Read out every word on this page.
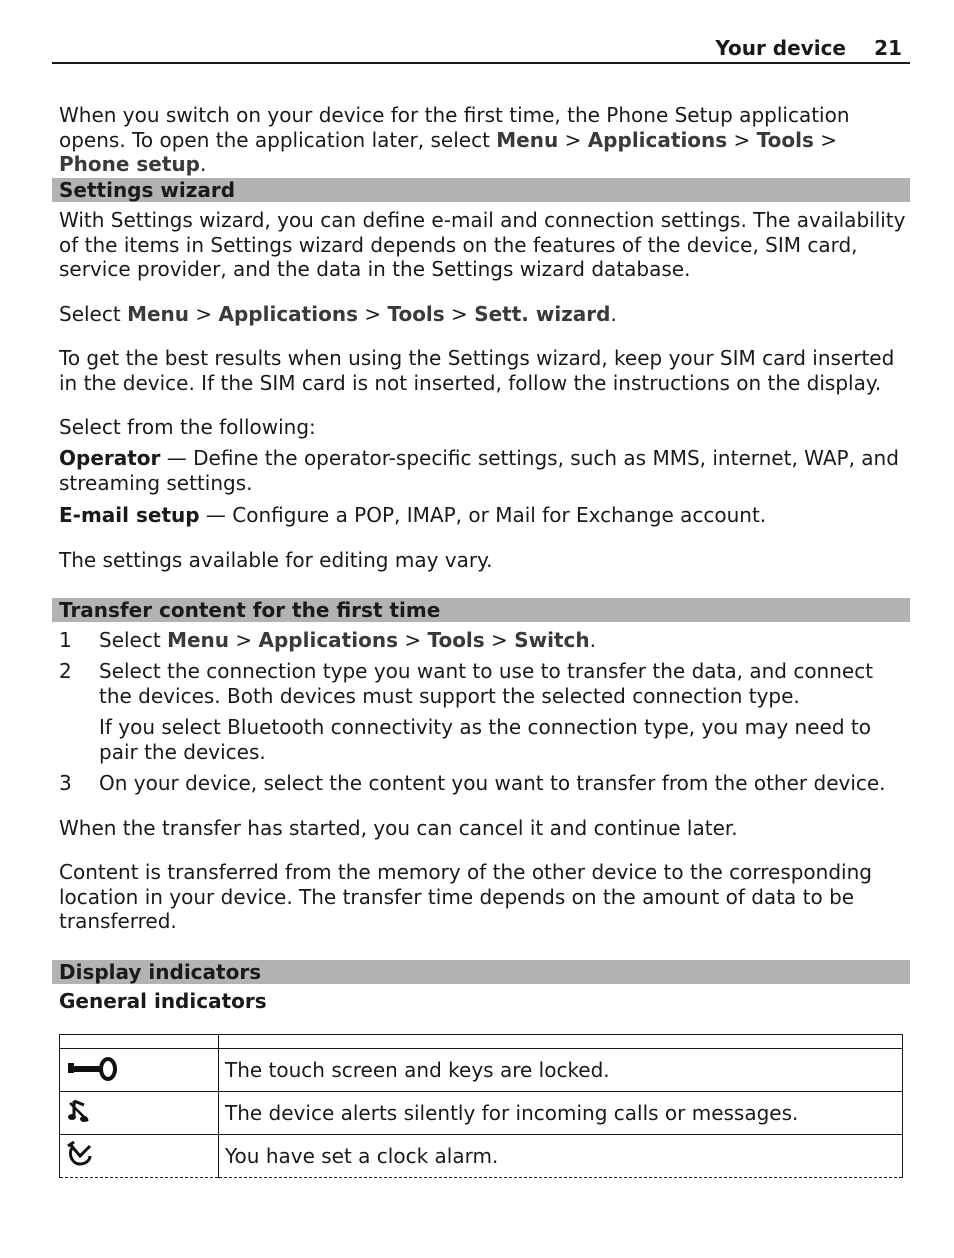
Your device 21
When you switch on your device for the first time, the Phone Setup application opens. To open the application later, select Menu > Applications > Tools > Phone setup.
Settings wizard
With Settings wizard, you can define e-mail and connection settings. The availability of the items in Settings wizard depends on the features of the device, SIM card, service provider, and the data in the Settings wizard database.
Select Menu > Applications > Tools > Sett. wizard.
To get the best results when using the Settings wizard, keep your SIM card inserted in the device. If the SIM card is not inserted, follow the instructions on the display.
Select from the following:
Operator — Define the operator-specific settings, such as MMS, internet, WAP, and streaming settings.
E-mail setup — Configure a POP, IMAP, or Mail for Exchange account.
The settings available for editing may vary.
Transfer content for the first time
1 Select Menu > Applications > Tools > Switch.
2 Select the connection type you want to use to transfer the data, and connect the devices. Both devices must support the selected connection type.
If you select Bluetooth connectivity as the connection type, you may need to pair the devices.
3 On your device, select the content you want to transfer from the other device.
When the transfer has started, you can cancel it and continue later.
Content is transferred from the memory of the other device to the corresponding location in your device. The transfer time depends on the amount of data to be transferred.
Display indicators
General indicators

	The touch screen and keys are locked.
	The device alerts silently for incoming calls or messages.
	You have set a clock alarm.
